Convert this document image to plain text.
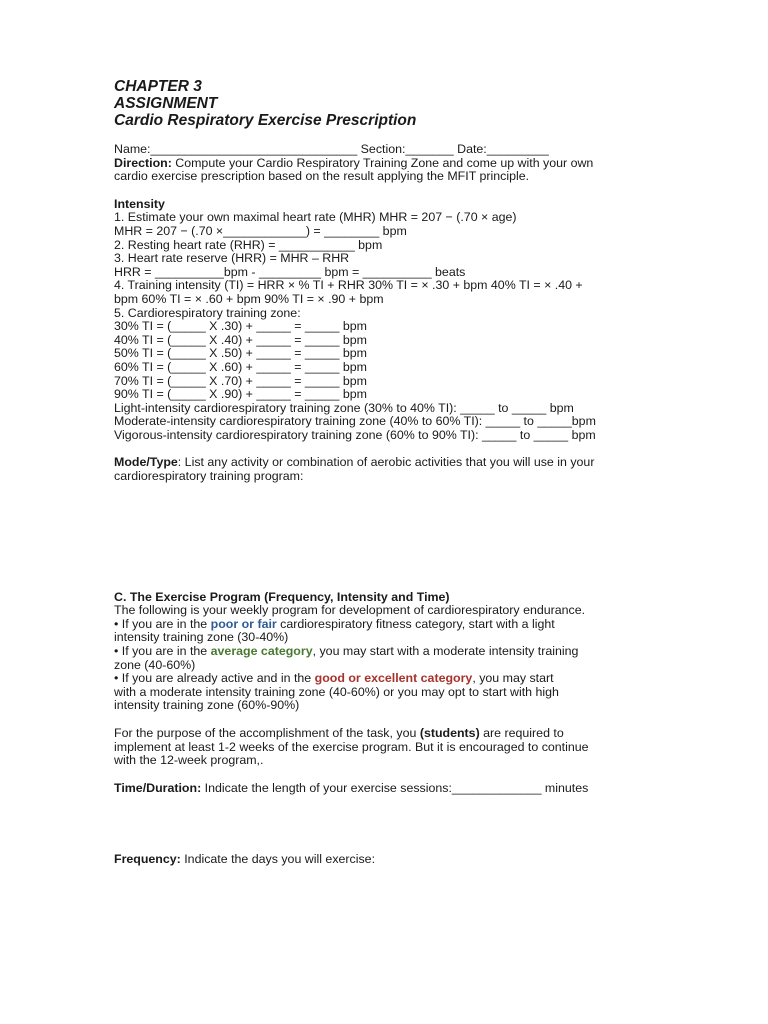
CHAPTER 3
ASSIGNMENT
Cardio Respiratory Exercise Prescription
Name:______________________________ Section:_______ Date:_________
Direction: Compute your Cardio Respiratory Training Zone and come up with your own
cardio exercise prescription based on the result applying the MFIT principle.
Intensity
1. Estimate your own maximal heart rate (MHR) MHR = 207 − (.70 × age)
MHR = 207 − (.70 ×____________) = ________ bpm
2. Resting heart rate (RHR) = ___________ bpm
3. Heart rate reserve (HRR) = MHR – RHR
HRR = __________bpm - _________ bpm = __________ beats
4. Training intensity (TI) = HRR × % TI + RHR 30% TI = × .30 + bpm 40% TI = × .40 +
bpm 60% TI = × .60 + bpm 90% TI = × .90 + bpm
5. Cardiorespiratory training zone:
30% TI = (_____ X .30) + _____ = _____ bpm
40% TI = (_____ X .40) + _____ = _____ bpm
50% TI = (_____ X .50) + _____ = _____ bpm
60% TI = (_____ X .60) + _____ = _____ bpm
70% TI = (_____ X .70) + _____ = _____ bpm
90% TI = (_____ X .90) + _____ = _____ bpm
Light-intensity cardiorespiratory training zone (30% to 40% TI): _____ to _____ bpm
Moderate-intensity cardiorespiratory training zone (40% to 60% TI): _____ to _____bpm
Vigorous-intensity cardiorespiratory training zone (60% to 90% TI): _____ to _____ bpm
Mode/Type: List any activity or combination of aerobic activities that you will use in your
cardiorespiratory training program:
C. The Exercise Program (Frequency, Intensity and Time)
The following is your weekly program for development of cardiorespiratory endurance.
• If you are in the poor or fair cardiorespiratory fitness category, start with a light
intensity training zone (30-40%)
• If you are in the average category, you may start with a moderate intensity training
zone (40-60%)
• If you are already active and in the good or excellent category, you may start
with a moderate intensity training zone (40-60%) or you may opt to start with high
intensity training zone (60%-90%)
For the purpose of the accomplishment of the task, you (students) are required to
implement at least 1-2 weeks of the exercise program. But it is encouraged to continue
with the 12-week program,.
Time/Duration: Indicate the length of your exercise sessions:_____________ minutes
Frequency: Indicate the days you will exercise:
